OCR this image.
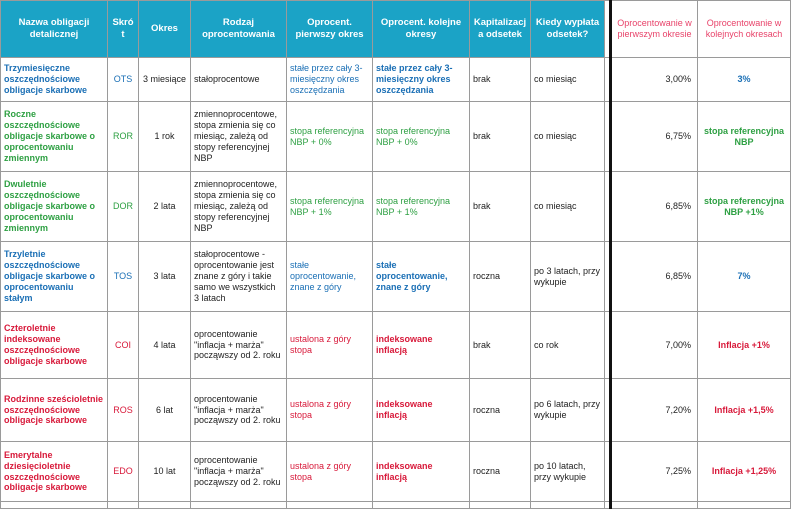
Nazwa obligacji detalicznej	Skrót	Okres	Rodzaj oprocentowania	Oprocent. pierwszy okres	Oprocent. kolejne okresy	Kapitalizacja odsetek	Kiedy wypłata odsetek?		Oprocentowanie w pierwszym okresie	Oprocentowanie w kolejnych okresach
Trzymiesięczne oszczędnościowe obligacje skarbowe	OTS	3 miesiące	stałoprocentowe	stałe przez cały 3-miesięczny okres oszczędzania	stałe przez cały 3-miesięczny okres oszczędzania	brak	co miesiąc		3,00%	3%
Roczne oszczędnościowe obligacje skarbowe o oprocentowaniu zmiennym	ROR	1 rok	zmiennoprocentowe, stopa zmienia się co miesiąc, zależą od stopy referencyjnej NBP	stopa referencyjna NBP + 0%	stopa referencyjna NBP + 0%	brak	co miesiąc		6,75%	stopa referencyjna NBP
Dwuletnie oszczędnościowe obligacje skarbowe o oprocentowaniu zmiennym	DOR	2 lata	zmiennoprocentowe, stopa zmienia się co miesiąc, zależą od stopy referencyjnej NBP	stopa referencyjna NBP + 1%	stopa referencyjna NBP + 1%	brak	co miesiąc		6,85%	stopa referencyjna NBP +1%
Trzyletnie oszczędnościowe obligacje skarbowe o oprocentowaniu stałym	TOS	3 lata	stałoprocentowe - oprocentowanie jest znane z góry i takie samo we wszystkich 3 latach	stałe oprocentowanie, znane z góry	stałe oprocentowanie, znane z góry	roczna	po 3 latach, przy wykupie		6,85%	7%
Czteroletnie indeksowane oszczędnościowe obligacje skarbowe	COI	4 lata	oprocentowanie "inflacja + marża" począwszy od 2. roku	ustalona z góry stopa	indeksowane inflacją	brak	co rok		7,00%	Inflacja +1%
Rodzinne sześcioletnie oszczędnościowe obligacje skarbowe	ROS	6 lat	oprocentowanie "inflacja + marża" począwszy od 2. roku	ustalona z góry stopa	indeksowane inflacją	roczna	po 6 latach, przy wykupie		7,20%	Inflacja +1,5%
Emerytalne dziesięcioletnie oszczędnościowe obligacje skarbowe	EDO	10 lat	oprocentowanie "inflacja + marża" począwszy od 2. roku	ustalona z góry stopa	indeksowane inflacją	roczna	po 10 latach, przy wykupie		7,25%	Inflacja +1,25%
